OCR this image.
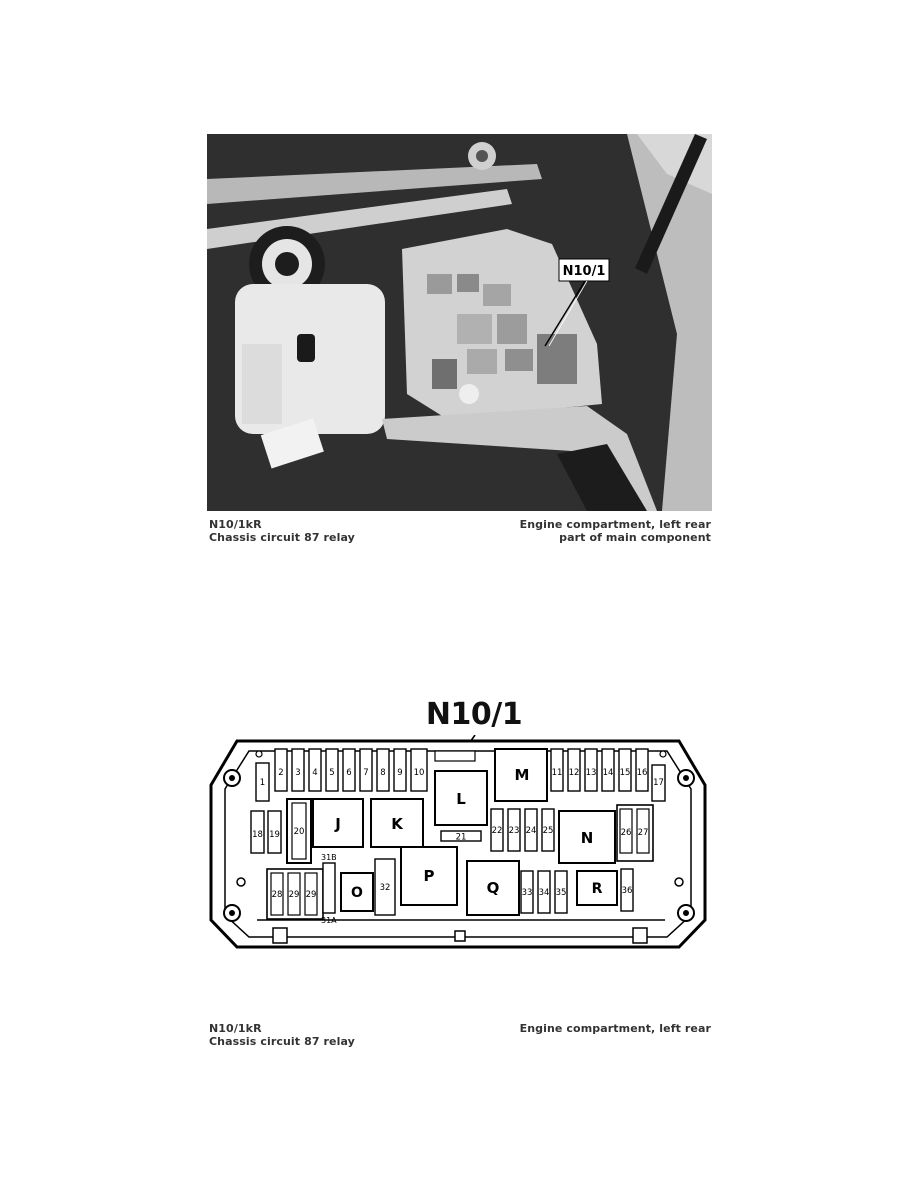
N10/1
N10/1kR
Chassis circuit 87 relay
Engine compartment, left rear
part of main component
N10/1
1
2 3 4 5 6 7 8 9 10
L
M	11 12 13 14 15 16
17
18 19 20 J	K
21
22 23 24 25 N	26 27
28 29 29
31B
31A
O 32
P
Q	33 34 35 R 36
N10/1kR
Chassis circuit 87 relay
Engine compartment, left rear
